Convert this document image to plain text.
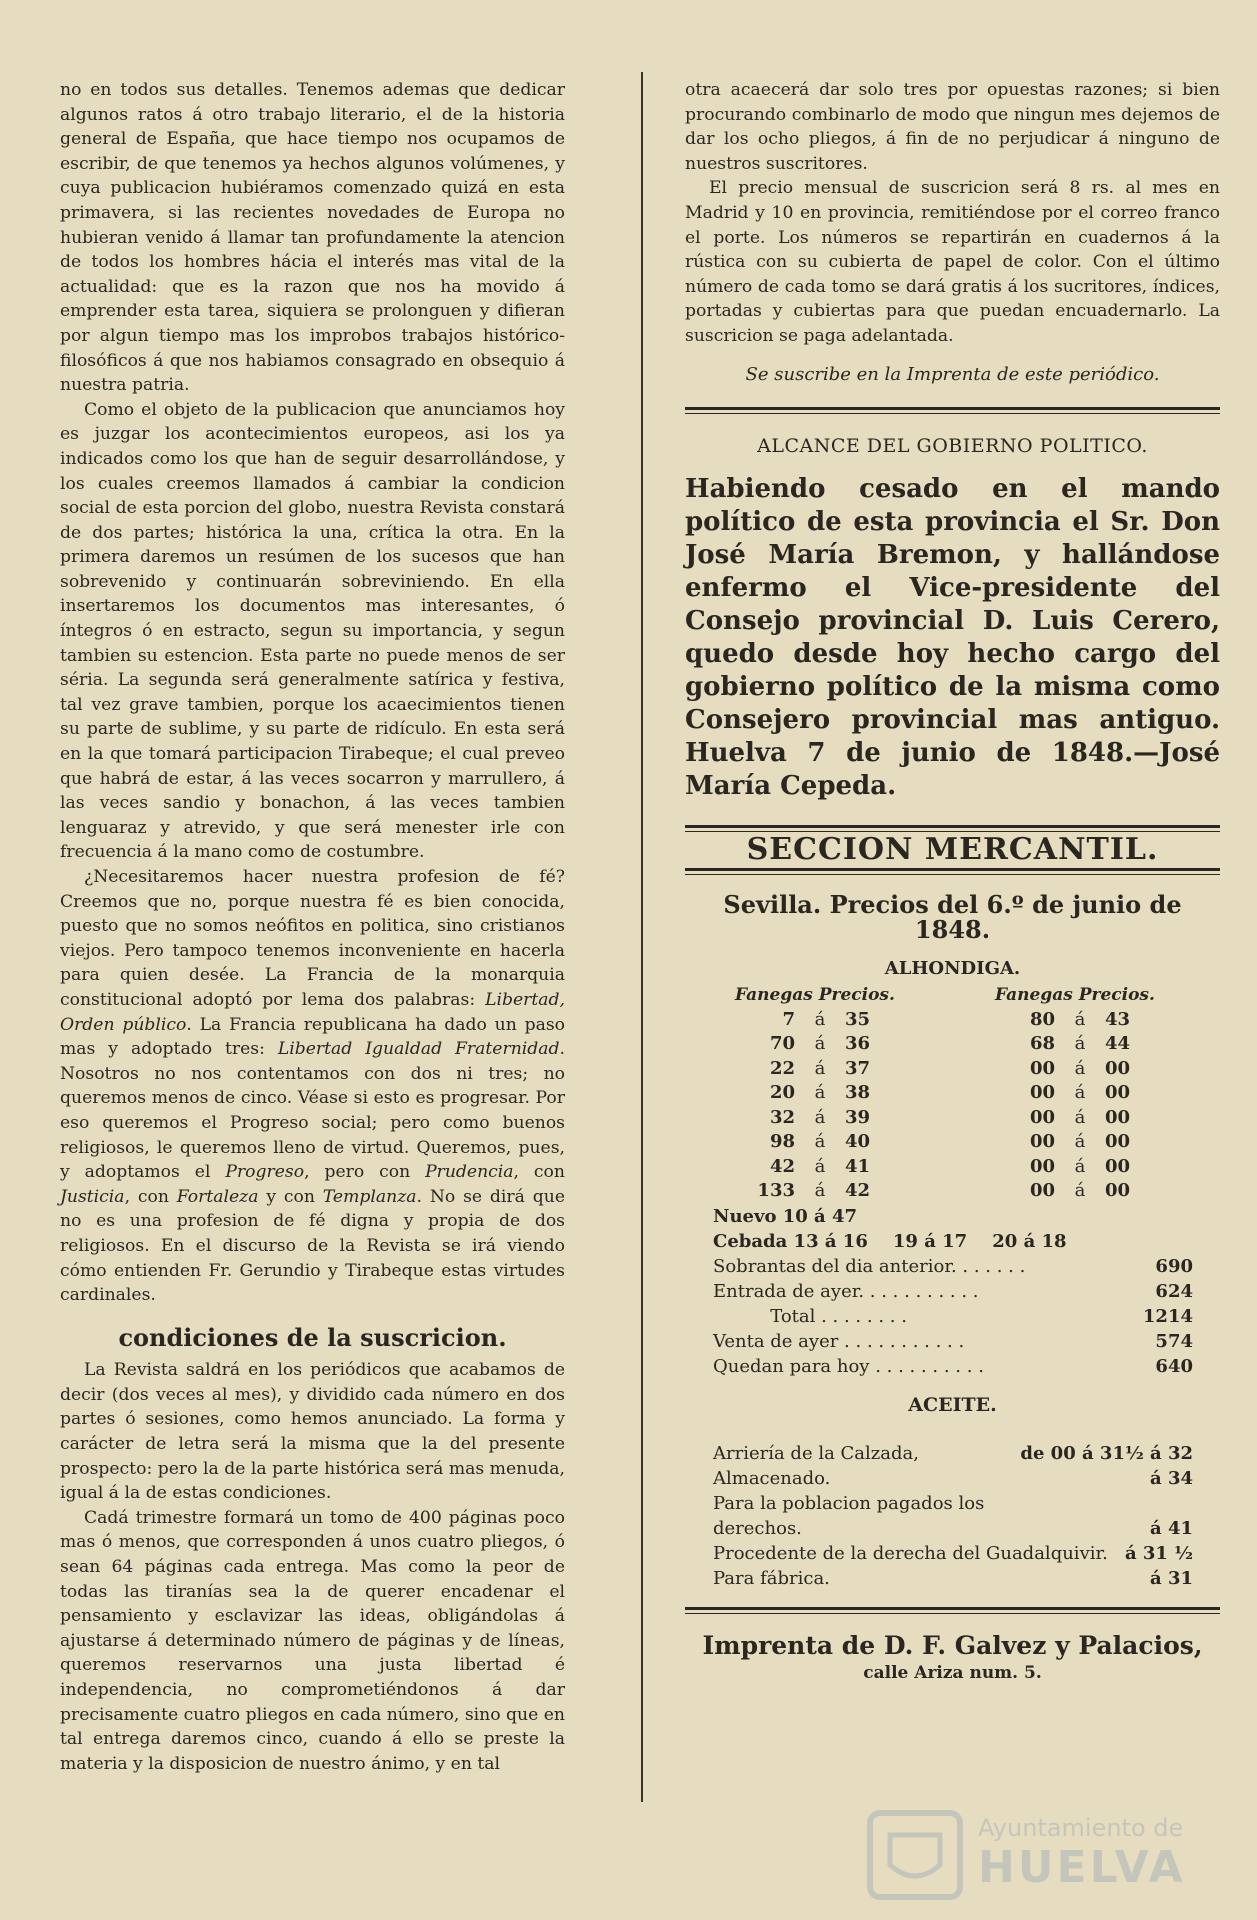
no en todos sus detalles. Tenemos ademas que dedicar algunos ratos á otro trabajo literario, el de la historia general de España, que hace tiempo nos ocupamos de escribir, de que tenemos ya hechos algunos volúmenes, y cuya publicacion hubiéramos comenzado quizá en esta primavera, si las recientes novedades de Europa no hubieran venido á llamar tan profundamente la atencion de todos los hombres hácia el interés mas vital de la actualidad: que es la razon que nos ha movido á emprender esta tarea, siquiera se prolonguen y difieran por algun tiempo mas los improbos trabajos histórico-filosóficos á que nos habiamos consagrado en obsequio á nuestra patria.

Como el objeto de la publicacion que anunciamos hoy es juzgar los acontecimientos europeos, asi los ya indicados como los que han de seguir desarrollándose, y los cuales creemos llamados á cambiar la condicion social de esta porcion del globo, nuestra Revista constará de dos partes; histórica la una, crítica la otra. En la primera daremos un resúmen de los sucesos que han sobrevenido y continuarán sobreviniendo. En ella insertaremos los documentos mas interesantes, ó íntegros ó en estracto, segun su importancia, y segun tambien su estencion. Esta parte no puede menos de ser séria. La segunda será generalmente satírica y festiva, tal vez grave tambien, porque los acaecimientos tienen su parte de sublime, y su parte de ridículo. En esta será en la que tomará participacion Tirabeque; el cual preveo que habrá de estar, á las veces socarron y marrullero, á las veces sandio y bonachon, á las veces tambien lenguaraz y atrevido, y que será menester irle con frecuencia á la mano como de costumbre.

¿Necesitaremos hacer nuestra profesion de fé? Creemos que no, porque nuestra fé es bien conocida, puesto que no somos neófitos en politica, sino cristianos viejos. Pero tampoco tenemos inconveniente en hacerla para quien desée. La Francia de la monarquia constitucional adoptó por lema dos palabras: Libertad, Orden público. La Francia republicana ha dado un paso mas y adoptado tres: Libertad Igualdad Fraternidad. Nosotros no nos contentamos con dos ni tres; no queremos menos de cinco. Véase si esto es progresar. Por eso queremos el Progreso social; pero como buenos religiosos, le queremos lleno de virtud. Queremos, pues, y adoptamos el Progreso, pero con Prudencia, con Justicia, con Fortaleza y con Templanza. No se dirá que no es una profesion de fé digna y propia de dos religiosos. En el discurso de la Revista se irá viendo cómo entienden Fr. Gerundio y Tirabeque estas virtudes cardinales.

condiciones de la suscricion.

La Revista saldrá en los periódicos que acabamos de decir (dos veces al mes), y dividido cada número en dos partes ó sesiones, como hemos anunciado. La forma y carácter de letra será la misma que la del presente prospecto: pero la de la parte histórica será mas menuda, igual á la de estas condiciones.

Cadá trimestre formará un tomo de 400 páginas poco mas ó menos, que corresponden á unos cuatro pliegos, ó sean 64 páginas cada entrega. Mas como la peor de todas las tiranías sea la de querer encadenar el pensamiento y esclavizar las ideas, obligándolas á ajustarse á determinado número de páginas y de líneas, queremos reservarnos una justa libertad é independencia, no comprometiéndonos á dar precisamente cuatro pliegos en cada número, sino que en tal entrega daremos cinco, cuando á ello se preste la materia y la disposicion de nuestro ánimo, y en tal

otra acaecerá dar solo tres por opuestas razones; si bien procurando combinarlo de modo que ningun mes dejemos de dar los ocho pliegos, á fin de no perjudicar á ninguno de nuestros suscritores.

El precio mensual de suscricion será 8 rs. al mes en Madrid y 10 en provincia, remitiéndose por el correo franco el porte. Los números se repartirán en cuadernos á la rústica con su cubierta de papel de color. Con el último número de cada tomo se dará gratis á los sucritores, índices, portadas y cubiertas para que puedan encuadernarlo. La suscricion se paga adelantada.

Se suscribe en la Imprenta de este periódico.

ALCANCE DEL GOBIERNO POLITICO.
Habiendo cesado en el mando político de esta provincia el Sr. Don José María Bremon, y hallándose enfermo el Vice-presidente del Consejo provincial D. Luis Cerero, quedo desde hoy hecho cargo del gobierno político de la misma como Consejero provincial mas antiguo. Huelva 7 de junio de 1848.—José María Cepeda.
SECCION MERCANTIL.
Sevilla. Precios del 6.º de junio de 1848.
ALHONDIGA.
Fanegas Precios.
7	á	35
70	á	36
22	á	37
20	á	38
32	á	39
98	á	40
42	á	41
133	á	42
Fanegas Precios.
80	á	43
68	á	44
00	á	00
00	á	00
00	á	00
00	á	00
00	á	00
00	á	00
Nuevo 10 á 47
Cebada 13 á 16    19 á 17    20 á 18
Sobrantas del dia anterior. . . . . . .	690
Entrada de ayer. . . . . . . . . . .	624
Total . . . . . . . .	1214
Venta de ayer . . . . . . . . . . .	574
Quedan para hoy . . . . . . . . . .	640
ACEITE.
Arriería de la Calzada,	de 00 á 31½ á 32
Almacenado.	á 34
Para la poblacion pagados los
derechos.	á 41
Procedente de la derecha del Guadalquivir. á 31 ½
Para fábrica.	á 31
Imprenta de D. F. Galvez y Palacios,
calle Ariza num. 5.
Ayuntamiento de
HUELVA
